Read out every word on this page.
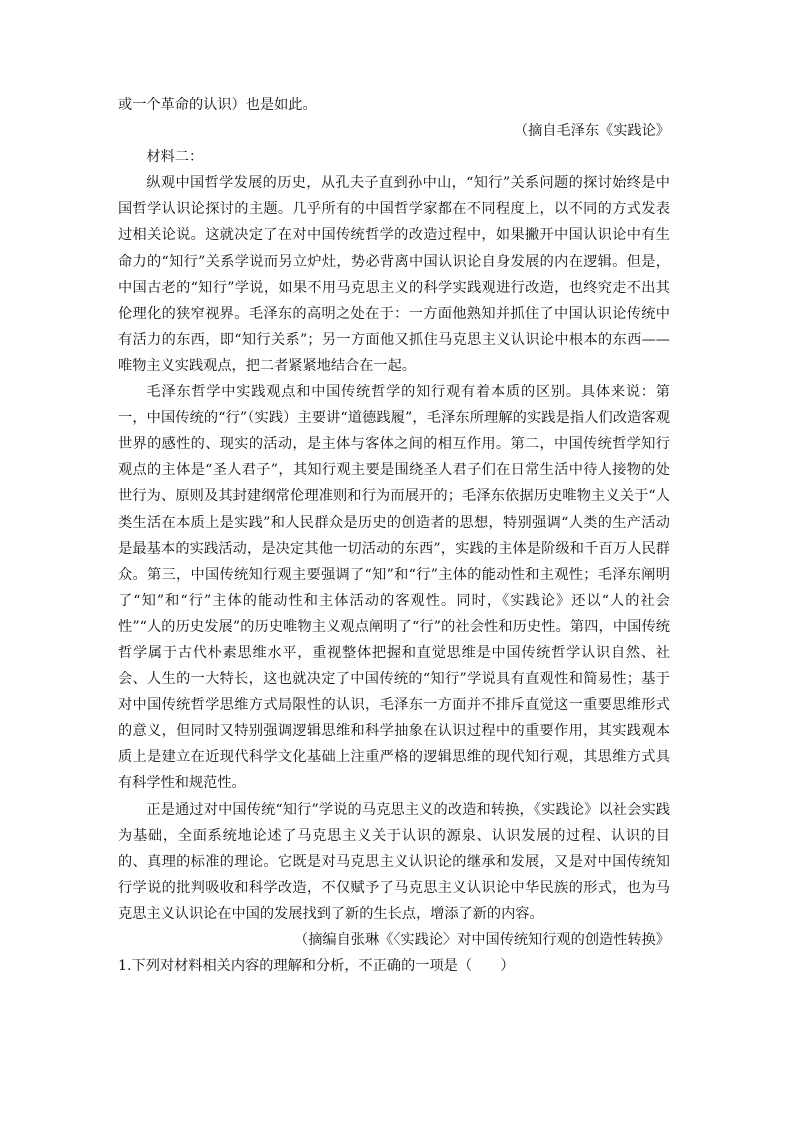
或一个革命的认识）也是如此。

（摘自毛泽东《实践论》

材料二：

纵观中国哲学发展的历史，从孔夫子直到孙中山，“知行”关系问题的探讨始终是中国哲学认识论探讨的主题。几乎所有的中国哲学家都在不同程度上，以不同的方式发表过相关论说。这就决定了在对中国传统哲学的改造过程中，如果撇开中国认识论中有生命力的“知行”关系学说而另立炉灶，势必背离中国认识论自身发展的内在逻辑。但是，中国古老的“知行”学说，如果不用马克思主义的科学实践观进行改造，也终究走不出其伦理化的狭窄视界。毛泽东的高明之处在于：一方面他熟知并抓住了中国认识论传统中有活力的东西，即“知行关系”；另一方面他又抓住马克思主义认识论中根本的东西——唯物主义实践观点，把二者紧紧地结合在一起。

毛泽东哲学中实践观点和中国传统哲学的知行观有着本质的区别。具体来说：第一，中国传统的“行”（实践）主要讲“道德践履”，毛泽东所理解的实践是指人们改造客观世界的感性的、现实的活动，是主体与客体之间的相互作用。第二，中国传统哲学知行观点的主体是“圣人君子”，其知行观主要是围绕圣人君子们在日常生活中待人接物的处世行为、原则及其封建纲常伦理准则和行为而展开的；毛泽东依据历史唯物主义关于“人类生活在本质上是实践”和人民群众是历史的创造者的思想，特别强调“人类的生产活动是最基本的实践活动，是决定其他一切活动的东西”，实践的主体是阶级和千百万人民群众。第三，中国传统知行观主要强调了“知”和“行”主体的能动性和主观性；毛泽东阐明了“知”和“行”主体的能动性和主体活动的客观性。同时，《实践论》还以“人的社会性”“人的历史发展”的历史唯物主义观点阐明了“行”的社会性和历史性。第四，中国传统哲学属于古代朴素思维水平，重视整体把握和直觉思维是中国传统哲学认识自然、社会、人生的一大特长，这也就决定了中国传统的“知行”学说具有直观性和简易性；基于对中国传统哲学思维方式局限性的认识，毛泽东一方面并不排斥直觉这一重要思维形式的意义，但同时又特别强调逻辑思维和科学抽象在认识过程中的重要作用，其实践观本质上是建立在近现代科学文化基础上注重严格的逻辑思维的现代知行观，其思维方式具有科学性和规范性。

正是通过对中国传统“知行”学说的马克思主义的改造和转换，《实践论》以社会实践为基础，全面系统地论述了马克思主义关于认识的源泉、认识发展的过程、认识的目的、真理的标准的理论。它既是对马克思主义认识论的继承和发展，又是对中国传统知行学说的批判吸收和科学改造，不仅赋予了马克思主义认识论中华民族的形式，也为马克思主义认识论在中国的发展找到了新的生长点，增添了新的内容。

（摘编自张琳《〈实践论〉对中国传统知行观的创造性转换》

1.下列对材料相关内容的理解和分析，不正确的一项是（　　）
